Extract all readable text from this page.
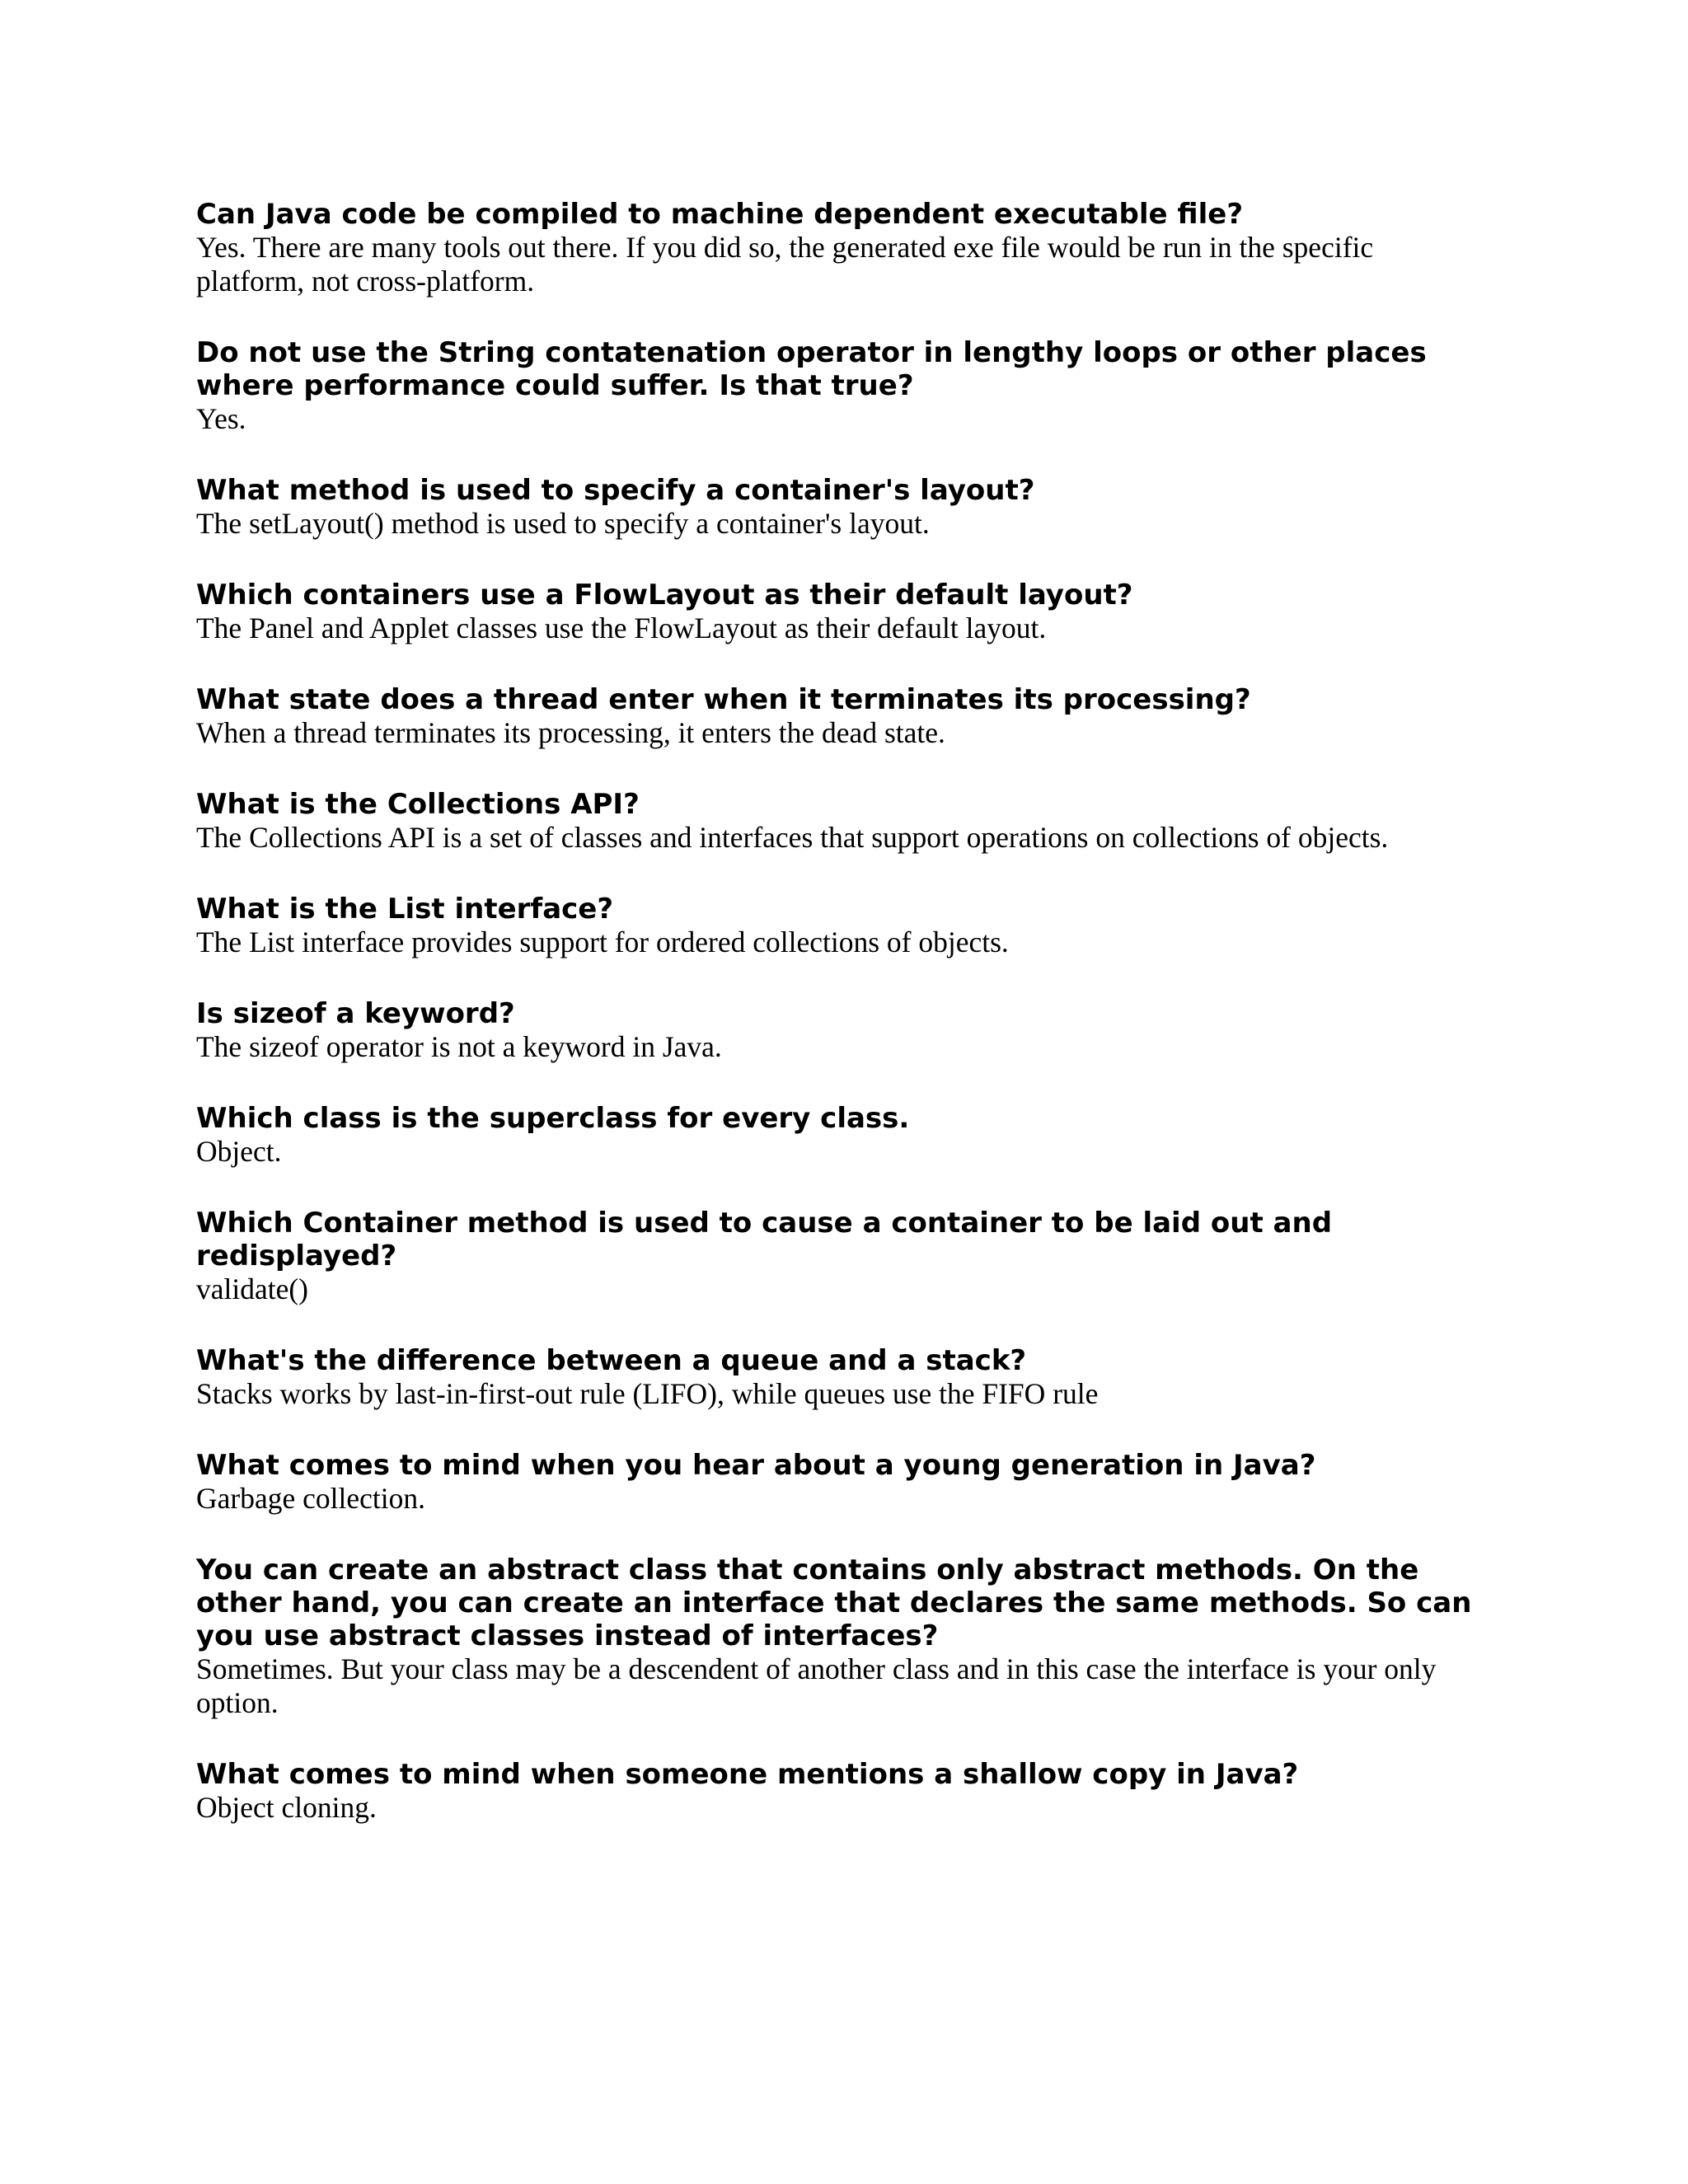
Can Java code be compiled to machine dependent executable file?

Yes. There are many tools out there. If you did so, the generated exe file would be run in the specific platform, not cross-platform.

Do not use the String contatenation operator in lengthy loops or other places where performance could suffer. Is that true?

Yes.

What method is used to specify a container's layout?

The setLayout() method is used to specify a container's layout.

Which containers use a FlowLayout as their default layout?

The Panel and Applet classes use the FlowLayout as their default layout.

What state does a thread enter when it terminates its processing?

When a thread terminates its processing, it enters the dead state.

What is the Collections API?

The Collections API is a set of classes and interfaces that support operations on collections of objects.

What is the List interface?

The List interface provides support for ordered collections of objects.

Is sizeof a keyword?

The sizeof operator is not a keyword in Java.

Which class is the superclass for every class.

Object.

Which Container method is used to cause a container to be laid out and redisplayed?

validate()

What's the difference between a queue and a stack?

Stacks works by last-in-first-out rule (LIFO), while queues use the FIFO rule

What comes to mind when you hear about a young generation in Java?

Garbage collection.

You can create an abstract class that contains only abstract methods. On the other hand, you can create an interface that declares the same methods. So can you use abstract classes instead of interfaces?

Sometimes. But your class may be a descendent of another class and in this case the interface is your only option.

What comes to mind when someone mentions a shallow copy in Java?

Object cloning.
